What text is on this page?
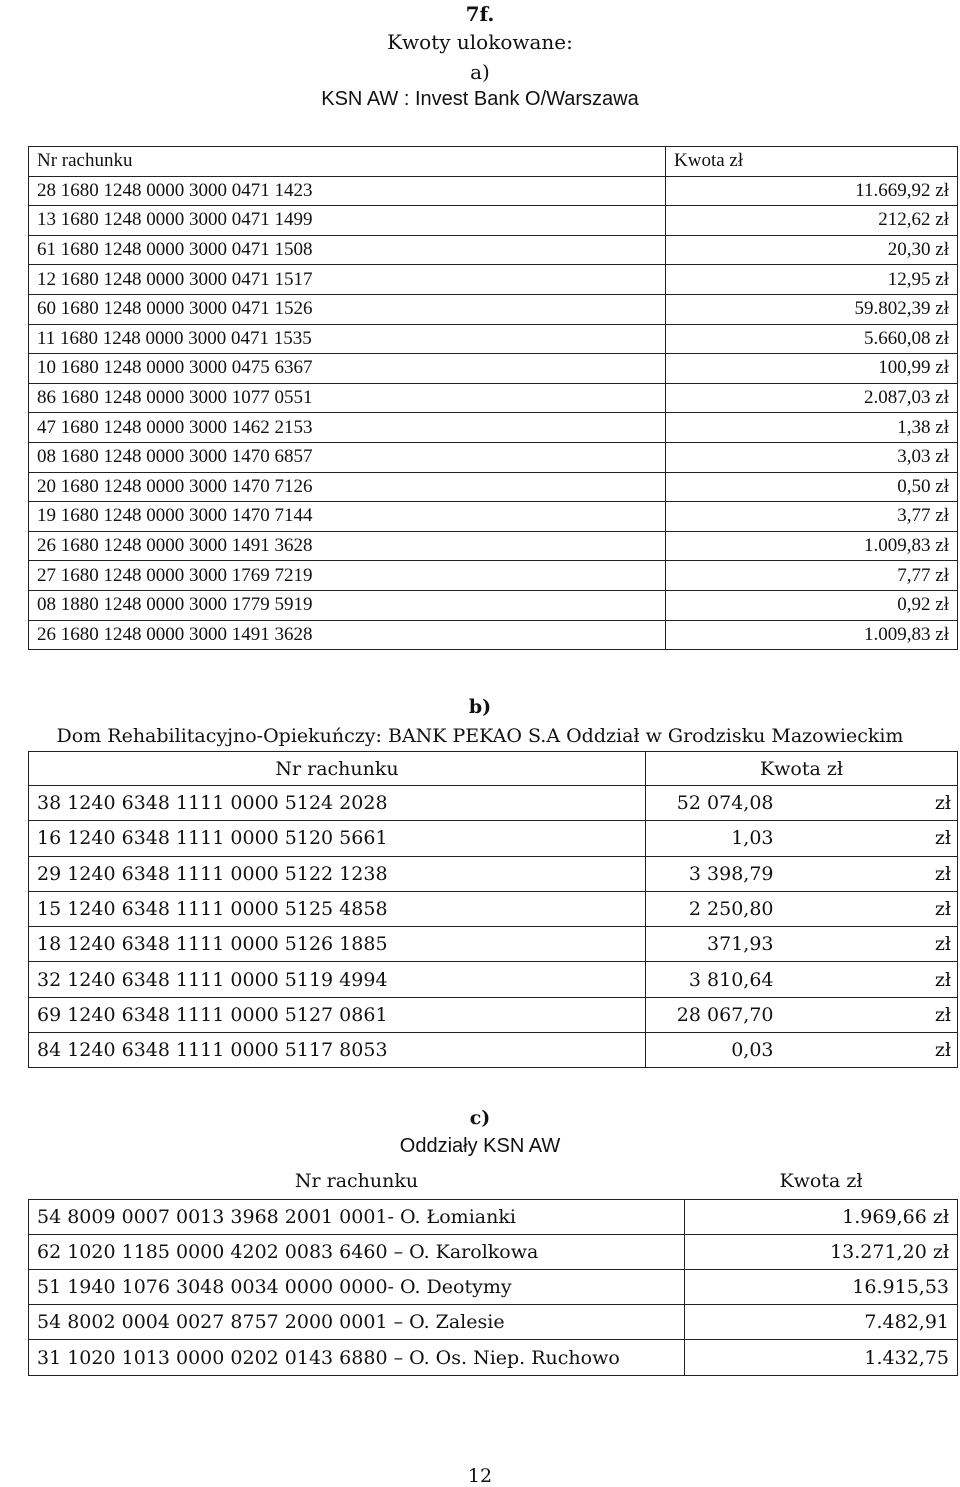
7f.
Kwoty ulokowane:
a)
KSN AW : Invest Bank O/Warszawa
Nr rachunku	Kwota zł
28 1680 1248 0000 3000 0471 1423	11.669,92 zł
13 1680 1248 0000 3000 0471 1499	212,62 zł
61 1680 1248 0000 3000 0471 1508	20,30 zł
12 1680 1248 0000 3000 0471 1517	12,95 zł
60 1680 1248 0000 3000 0471 1526	59.802,39 zł
11 1680 1248 0000 3000 0471 1535	5.660,08 zł
10 1680 1248 0000 3000 0475 6367	100,99 zł
86 1680 1248 0000 3000 1077 0551	2.087,03 zł
47 1680 1248 0000 3000 1462 2153	1,38 zł
08 1680 1248 0000 3000 1470 6857	3,03 zł
20 1680 1248 0000 3000 1470 7126	0,50 zł
19 1680 1248 0000 3000 1470 7144	3,77 zł
26 1680 1248 0000 3000 1491 3628	1.009,83 zł
27 1680 1248 0000 3000 1769 7219	7,77 zł
08 1880 1248 0000 3000 1779 5919	0,92 zł
26 1680 1248 0000 3000 1491 3628	1.009,83 zł
b)
Dom Rehabilitacyjno-Opiekuńczy: BANK PEKAO S.A Oddział w Grodzisku Mazowieckim
Nr rachunku	Kwota zł	
38 1240 6348 1111 0000 5124 2028	52 074,08	zł
16 1240 6348 1111 0000 5120 5661	1,03	zł
29 1240 6348 1111 0000 5122 1238	3 398,79	zł
15 1240 6348 1111 0000 5125 4858	2 250,80	zł
18 1240 6348 1111 0000 5126 1885	371,93	zł
32 1240 6348 1111 0000 5119 4994	3 810,64	zł
69 1240 6348 1111 0000 5127 0861	28 067,70	zł
84 1240 6348 1111 0000 5117 8053	0,03	zł
c)
Oddziały KSN AW
Nr rachunku	Kwota zł
54 8009 0007 0013 3968 2001 0001- O. Łomianki	1.969,66 zł
62 1020 1185 0000 4202 0083 6460 – O. Karolkowa	13.271,20 zł
51 1940 1076 3048 0034 0000 0000- O. Deotymy	16.915,53
54 8002 0004 0027 8757 2000 0001 – O. Zalesie	7.482,91
31 1020 1013 0000 0202 0143 6880 – O. Os. Niep. Ruchowo	1.432,75
12
